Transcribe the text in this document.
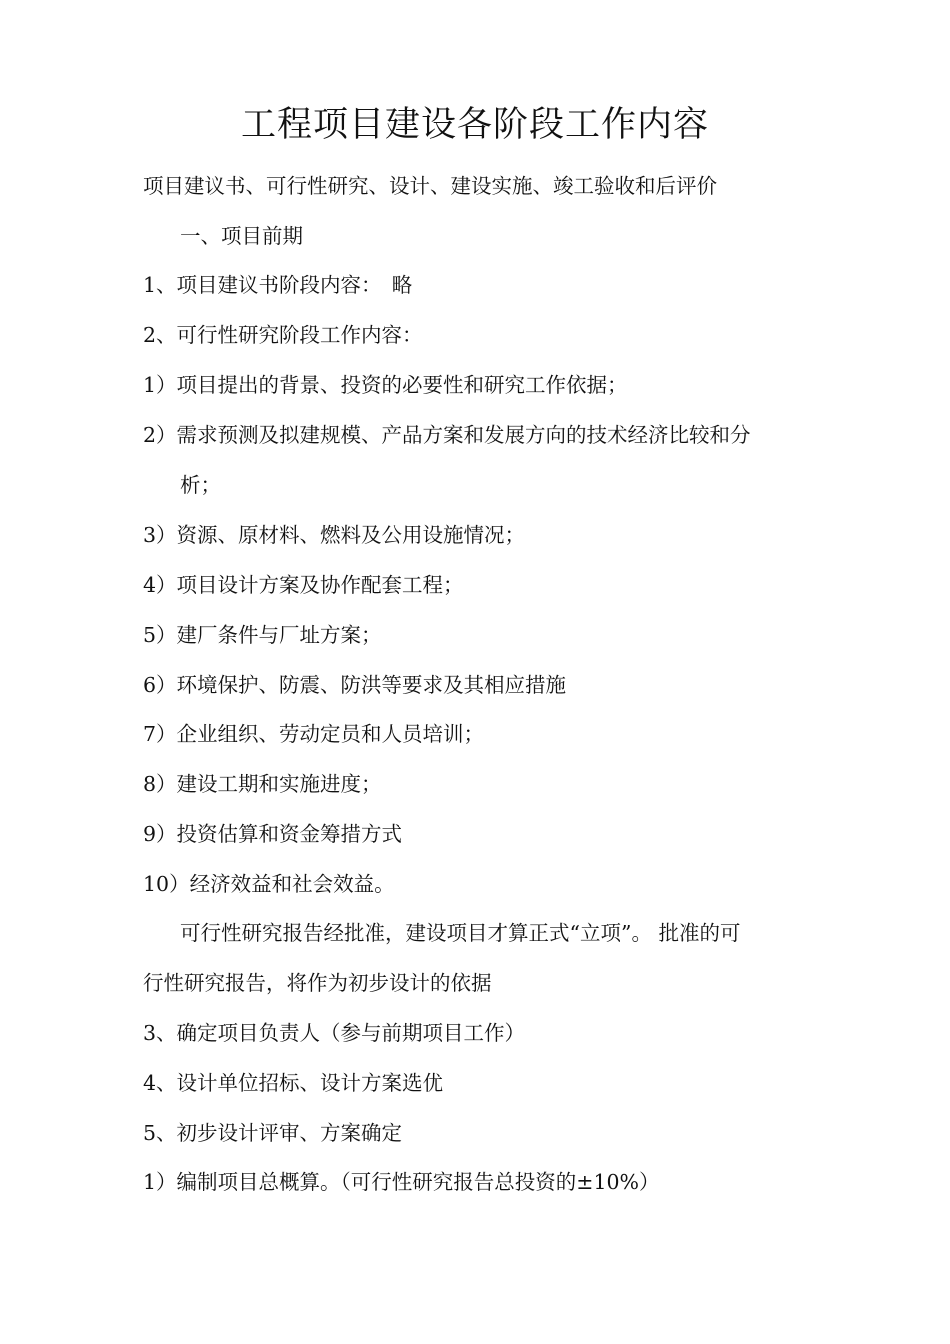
工程项目建设各阶段工作内容
项目建议书、可行性研究、设计、建设实施、竣工验收和后评价
一、项目前期
1、项目建议书阶段内容：　略
2、可行性研究阶段工作内容：
1）项目提出的背景、投资的必要性和研究工作依据；
2）需求预测及拟建规模、产品方案和发展方向的技术经济比较和分
析；
3）资源、原材料、燃料及公用设施情况；
4）项目设计方案及协作配套工程；
5）建厂条件与厂址方案；
6）环境保护、防震、防洪等要求及其相应措施
7）企业组织、劳动定员和人员培训；
8）建设工期和实施进度；
9）投资估算和资金筹措方式
10）经济效益和社会效益。
可行性研究报告经批准，建设项目才算正式“立项”。 批准的可
行性研究报告，将作为初步设计的依据
3、确定项目负责人（参与前期项目工作）
4、设计单位招标、设计方案选优
5、初步设计评审、方案确定
1）编制项目总概算。（可行性研究报告总投资的±10%）
